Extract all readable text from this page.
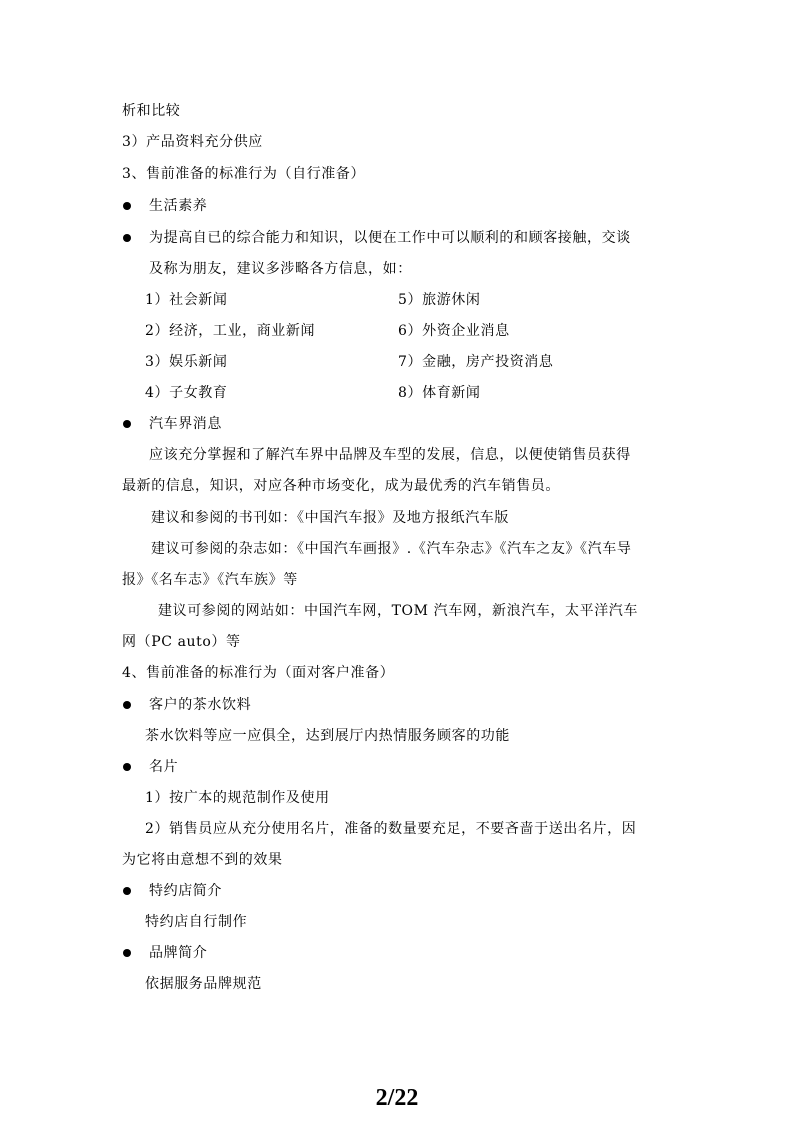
析和比较
3）产品资料充分供应
3、售前准备的标准行为（自行准备）
生活素养
为提高自已的综合能力和知识，以便在工作中可以顺利的和顾客接触，交谈
及称为朋友，建议多涉略各方信息，如：
1）社会新闻	5）旅游休闲
2）经济，工业，商业新闻	6）外资企业消息
3）娱乐新闻	7）金融，房产投资消息
4）子女教育	8）体育新闻
汽车界消息
应该充分掌握和了解汽车界中品牌及车型的发展，信息，以便使销售员获得
最新的信息，知识，对应各种市场变化，成为最优秀的汽车销售员。
建议和参阅的书刊如：《中国汽车报》及地方报纸汽车版
建议可参阅的杂志如：《中国汽车画报》.《汽车杂志》《汽车之友》《汽车导
报》《名车志》《汽车族》等
建议可参阅的网站如：中国汽车网，TOM 汽车网，新浪汽车，太平洋汽车
网（PC auto）等
4、售前准备的标准行为（面对客户准备）
客户的茶水饮料
茶水饮料等应一应俱全，达到展厅内热情服务顾客的功能
名片
1）按广本的规范制作及使用
2）销售员应从充分使用名片，准备的数量要充足，不要吝啬于送出名片，因
为它将由意想不到的效果
特约店简介
特约店自行制作
品牌简介
依据服务品牌规范
2/22
